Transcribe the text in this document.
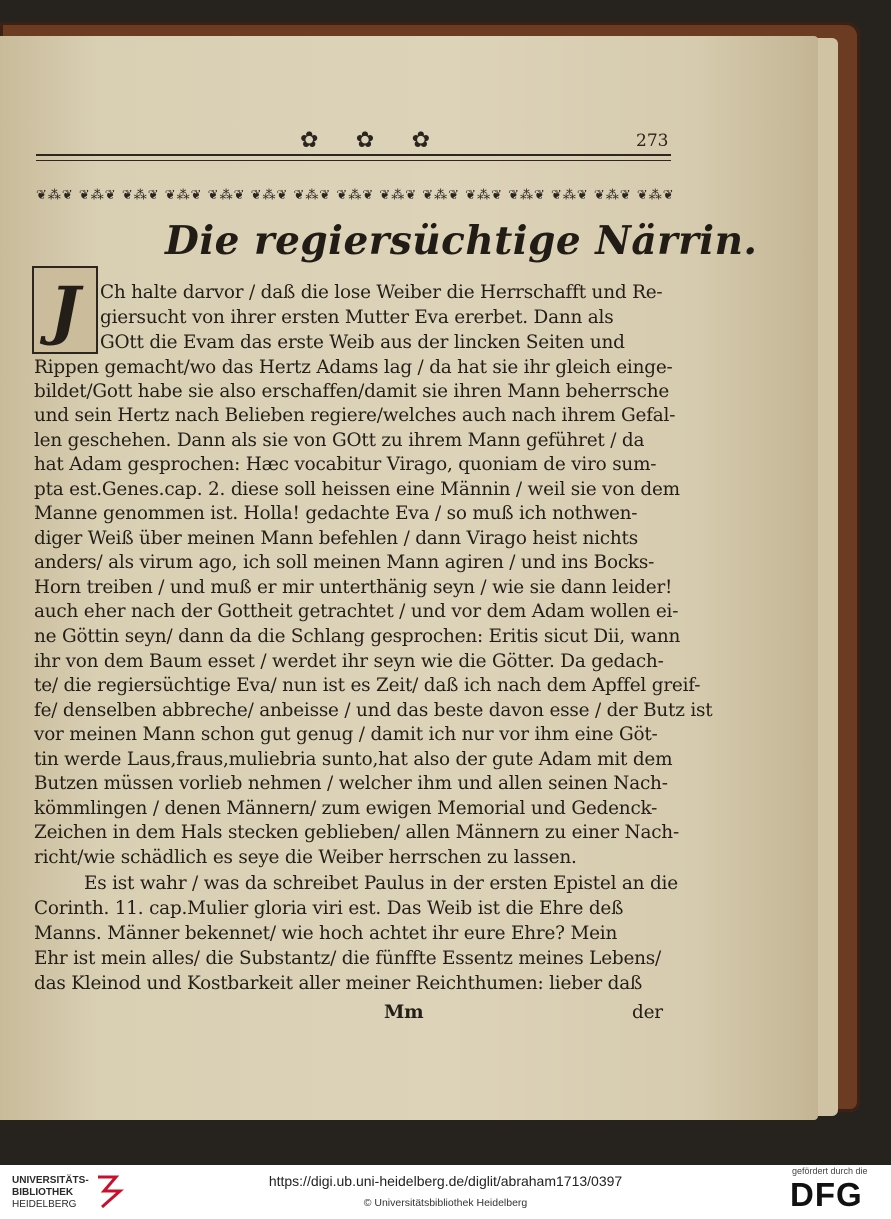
✿ ✿ ✿	273
❦⁂❦ ❦⁂❦ ❦⁂❦ ❦⁂❦ ❦⁂❦ ❦⁂❦ ❦⁂❦ ❦⁂❦ ❦⁂❦ ❦⁂❦ ❦⁂❦ ❦⁂❦ ❦⁂❦ ❦⁂❦ ❦⁂❦
Die regiersüchtige Närrin.
J	Ch halte darvor / daß die lose Weiber die Herrschafft und Re-
giersucht von ihrer ersten Mutter Eva ererbet. Dann als
GOtt die Evam das erste Weib aus der lincken Seiten und
Rippen gemacht/wo das Hertz Adams lag / da hat sie ihr gleich einge-
bildet/Gott habe sie also erschaffen/damit sie ihren Mann beherrsche
und sein Hertz nach Belieben regiere/welches auch nach ihrem Gefal-
len geschehen. Dann als sie von GOtt zu ihrem Mann geführet / da
hat Adam gesprochen: Hæc vocabitur Virago, quoniam de viro sum-
pta est.Genes.cap. 2. diese soll heissen eine Männin / weil sie von dem
Manne genommen ist. Holla! gedachte Eva / so muß ich nothwen-
diger Weiß über meinen Mann befehlen / dann Virago heist nichts
anders/ als virum ago, ich soll meinen Mann agiren / und ins Bocks-
Horn treiben / und muß er mir unterthänig seyn / wie sie dann leider!
auch eher nach der Gottheit getrachtet / und vor dem Adam wollen ei-
ne Göttin seyn/ dann da die Schlang gesprochen: Eritis sicut Dii, wann
ihr von dem Baum esset / werdet ihr seyn wie die Götter. Da gedach-
te/ die regiersüchtige Eva/ nun ist es Zeit/ daß ich nach dem Apffel greif-
fe/ denselben abbreche/ anbeisse / und das beste davon esse / der Butz ist
vor meinen Mann schon gut genug / damit ich nur vor ihm eine Göt-
tin werde Laus,fraus,muliebria sunto,hat also der gute Adam mit dem
Butzen müssen vorlieb nehmen / welcher ihm und allen seinen Nach-
kömmlingen / denen Männern/ zum ewigen Memorial und Gedenck-
Zeichen in dem Hals stecken geblieben/ allen Männern zu einer Nach-
richt/wie schädlich es seye die Weiber herrschen zu lassen.
Es ist wahr / was da schreibet Paulus in der ersten Epistel an die
Corinth. 11. cap.Mulier gloria viri est. Das Weib ist die Ehre deß
Manns. Männer bekennet/ wie hoch achtet ihr eure Ehre? Mein
Ehr ist mein alles/ die Substantz/ die fünffte Essentz meines Lebens/
das Kleinod und Kostbarkeit aller meiner Reichthumen: lieber daß
Mm	der
UNIVERSITÄTS-
BIBLIOTHEK
HEIDELBERG
https://digi.ub.uni-heidelberg.de/diglit/abraham1713/0397
© Universitätsbibliothek Heidelberg
gefördert durch die
DFG
